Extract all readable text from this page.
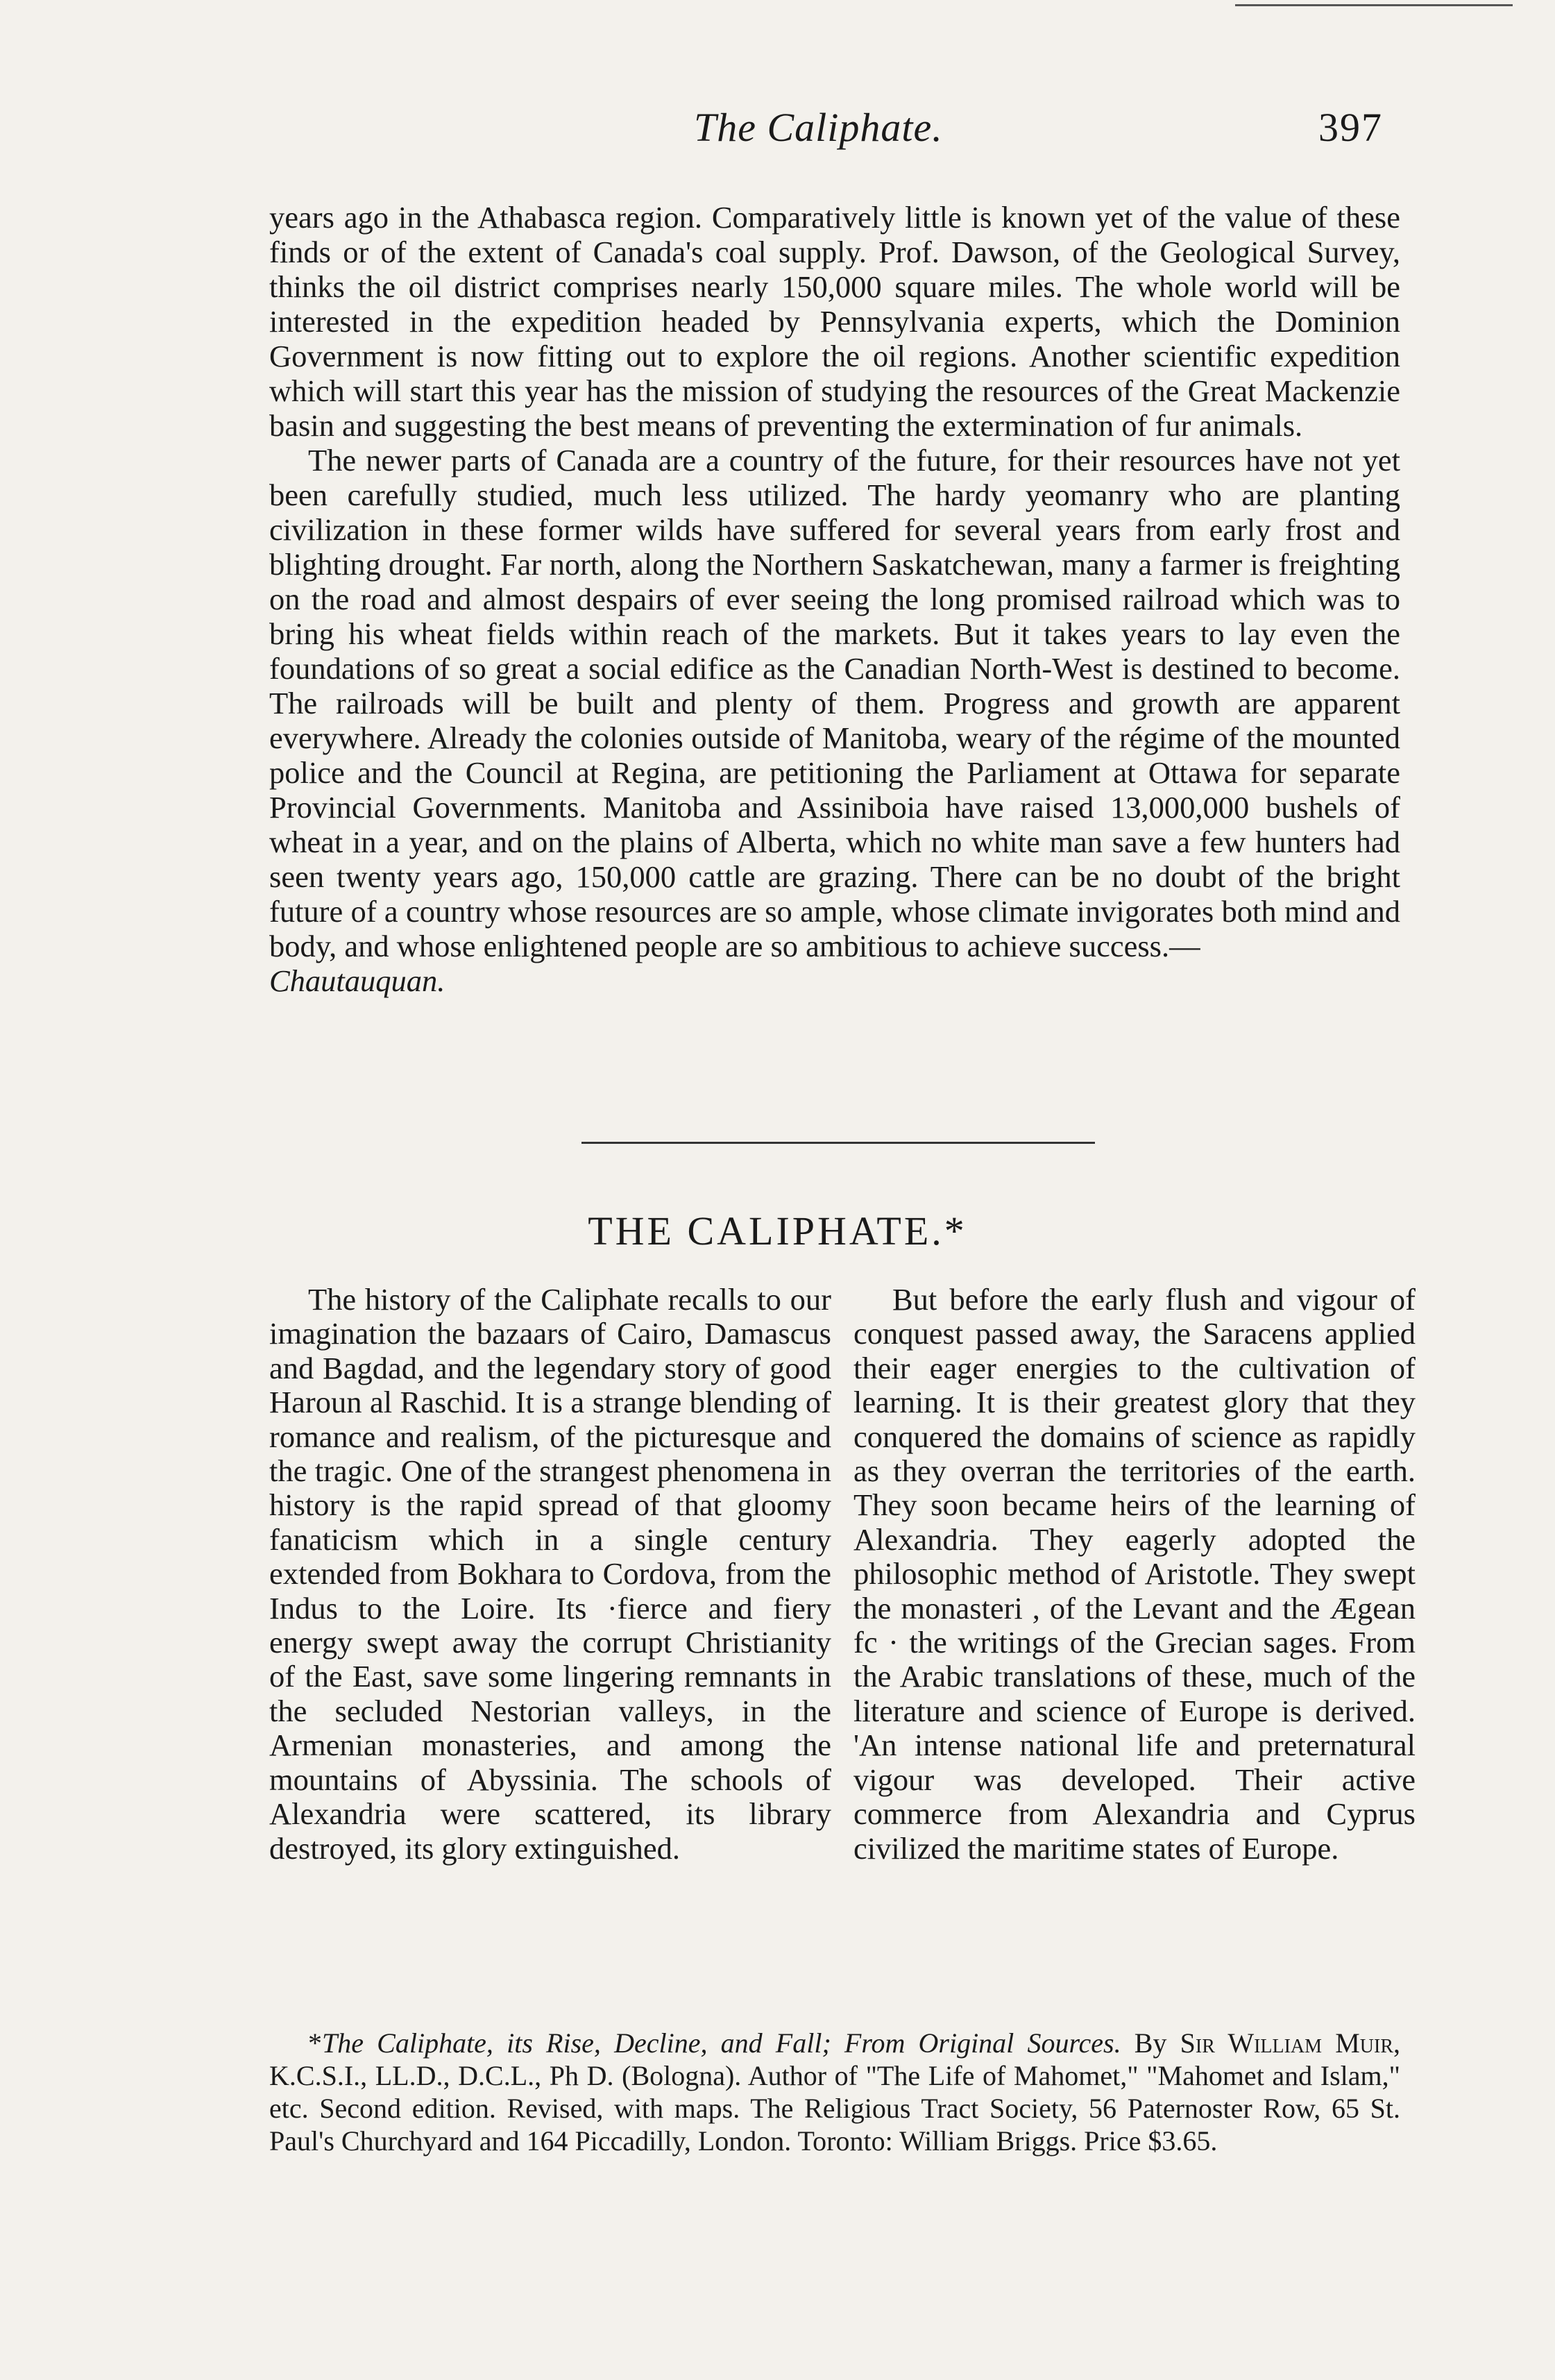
The Caliphate.	397

years ago in the Athabasca region. Comparatively little is known yet of the value of these finds or of the extent of Canada's coal supply. Prof. Dawson, of the Geological Survey, thinks the oil district comprises nearly 150,000 square miles. The whole world will be interested in the expedition headed by Pennsylvania experts, which the Dominion Government is now fitting out to explore the oil regions. Another scientific expedition which will start this year has the mission of studying the resources of the Great Mackenzie basin and suggesting the best means of preventing the extermination of fur animals.

The newer parts of Canada are a country of the future, for their resources have not yet been carefully studied, much less utilized. The hardy yeomanry who are planting civilization in these former wilds have suffered for several years from early frost and blighting drought. Far north, along the Northern Saskatchewan, many a farmer is freighting on the road and almost despairs of ever seeing the long promised railroad which was to bring his wheat fields within reach of the markets. But it takes years to lay even the foundations of so great a social edifice as the Canadian North-West is destined to become. The railroads will be built and plenty of them. Progress and growth are apparent everywhere. Already the colonies outside of Manitoba, weary of the régime of the mounted police and the Council at Regina, are petitioning the Parliament at Ottawa for separate Provincial Governments. Manitoba and Assiniboia have raised 13,000,000 bushels of wheat in a year, and on the plains of Alberta, which no white man save a few hunters had seen twenty years ago, 150,000 cattle are grazing. There can be no doubt of the bright future of a country whose resources are so ample, whose climate invigorates both mind and body, and whose enlightened people are so ambitious to achieve success.—
Chautauquan.

THE CALIPHATE.*

The history of the Caliphate recalls to our imagination the bazaars of Cairo, Damascus and Bagdad, and the legendary story of good Haroun al Raschid. It is a strange blending of romance and realism, of the picturesque and the tragic. One of the strangest phenomena in history is the rapid spread of that gloomy fanaticism which in a single century extended from Bokhara to Cordova, from the Indus to the Loire. Its ·fierce and fiery energy swept away the corrupt Christianity of the East, save some lingering remnants in the secluded Nestorian valleys, in the Armenian monasteries, and among the mountains of Abyssinia. The schools of Alexandria were scattered, its library destroyed, its glory extinguished.

But before the early flush and vigour of conquest passed away, the Saracens applied their eager energies to the cultivation of learning. It is their greatest glory that they conquered the domains of science as rapidly as they overran the territories of the earth. They soon became heirs of the learning of Alexandria. They eagerly adopted the philosophic method of Aristotle. They swept the monasteri , of the Levant and the Ægean fc · the writings of the Grecian sages. From the Arabic translations of these, much of the literature and science of Europe is derived. 'An intense national life and preternatural vigour was developed. Their active commerce from Alexandria and Cyprus civilized the maritime states of Europe.

*The Caliphate, its Rise, Decline, and Fall; From Original Sources. By Sir William Muir, K.C.S.I., LL.D., D.C.L., Ph D. (Bologna). Author of "The Life of Mahomet," "Mahomet and Islam," etc. Second edition. Revised, with maps. The Religious Tract Society, 56 Paternoster Row, 65 St. Paul's Churchyard and 164 Piccadilly, London. Toronto: William Briggs. Price $3.65.
